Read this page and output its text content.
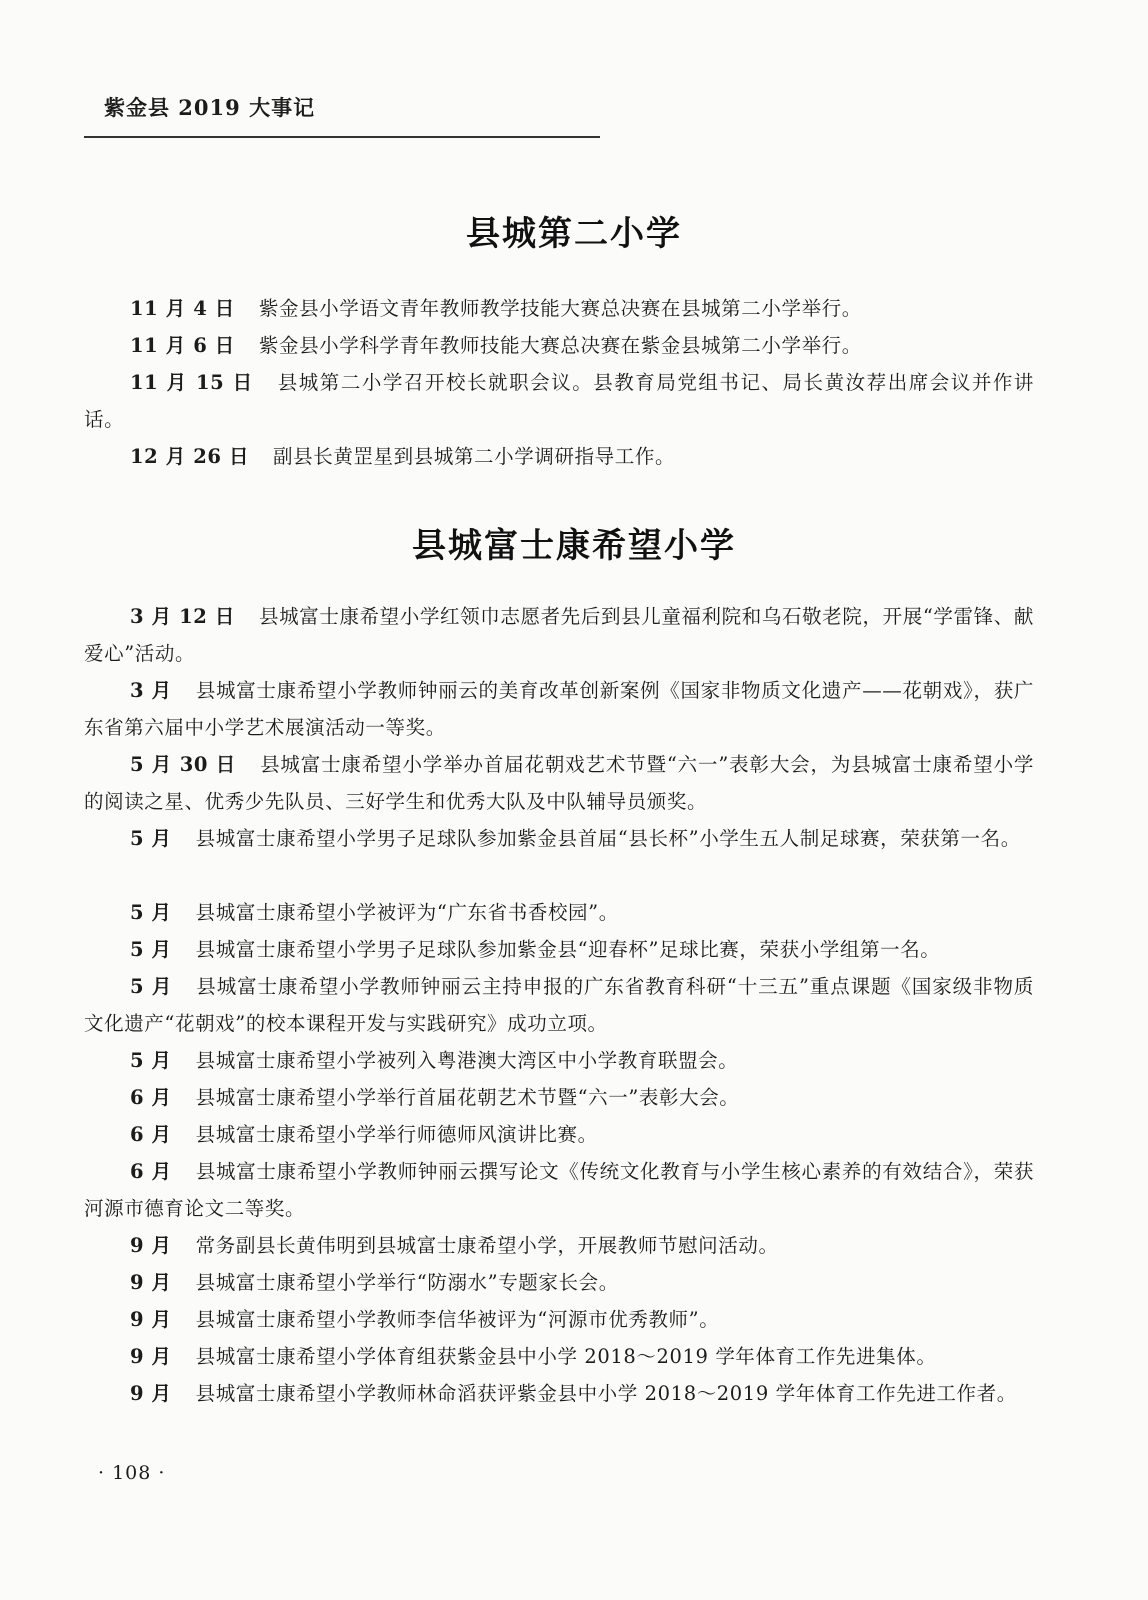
紫金县 2019 大事记
县城第二小学
11 月 4 日 紫金县小学语文青年教师教学技能大赛总决赛在县城第二小学举行。
11 月 6 日 紫金县小学科学青年教师技能大赛总决赛在紫金县城第二小学举行。
11 月 15 日 县城第二小学召开校长就职会议。县教育局党组书记、局长黄汝荐出席会议并作讲话。
12 月 26 日 副县长黄罡星到县城第二小学调研指导工作。
县城富士康希望小学
3 月 12 日 县城富士康希望小学红领巾志愿者先后到县儿童福利院和乌石敬老院，开展“学雷锋、献爱心”活动。
3 月 县城富士康希望小学教师钟丽云的美育改革创新案例《国家非物质文化遗产——花朝戏》，获广东省第六届中小学艺术展演活动一等奖。
5 月 30 日 县城富士康希望小学举办首届花朝戏艺术节暨“六一”表彰大会，为县城富士康希望小学的阅读之星、优秀少先队员、三好学生和优秀大队及中队辅导员颁奖。
5 月 县城富士康希望小学男子足球队参加紫金县首届“县长杯”小学生五人制足球赛，荣获第一名。
5 月 县城富士康希望小学被评为“广东省书香校园”。
5 月 县城富士康希望小学男子足球队参加紫金县“迎春杯”足球比赛，荣获小学组第一名。
5 月 县城富士康希望小学教师钟丽云主持申报的广东省教育科研“十三五”重点课题《国家级非物质文化遗产“花朝戏”的校本课程开发与实践研究》成功立项。
5 月 县城富士康希望小学被列入粤港澳大湾区中小学教育联盟会。
6 月 县城富士康希望小学举行首届花朝艺术节暨“六一”表彰大会。
6 月 县城富士康希望小学举行师德师风演讲比赛。
6 月 县城富士康希望小学教师钟丽云撰写论文《传统文化教育与小学生核心素养的有效结合》，荣获河源市德育论文二等奖。
9 月 常务副县长黄伟明到县城富士康希望小学，开展教师节慰问活动。
9 月 县城富士康希望小学举行“防溺水”专题家长会。
9 月 县城富士康希望小学教师李信华被评为“河源市优秀教师”。
9 月 县城富士康希望小学体育组获紫金县中小学 2018～2019 学年体育工作先进集体。
9 月 县城富士康希望小学教师林命滔获评紫金县中小学 2018～2019 学年体育工作先进工作者。
· 108 ·
